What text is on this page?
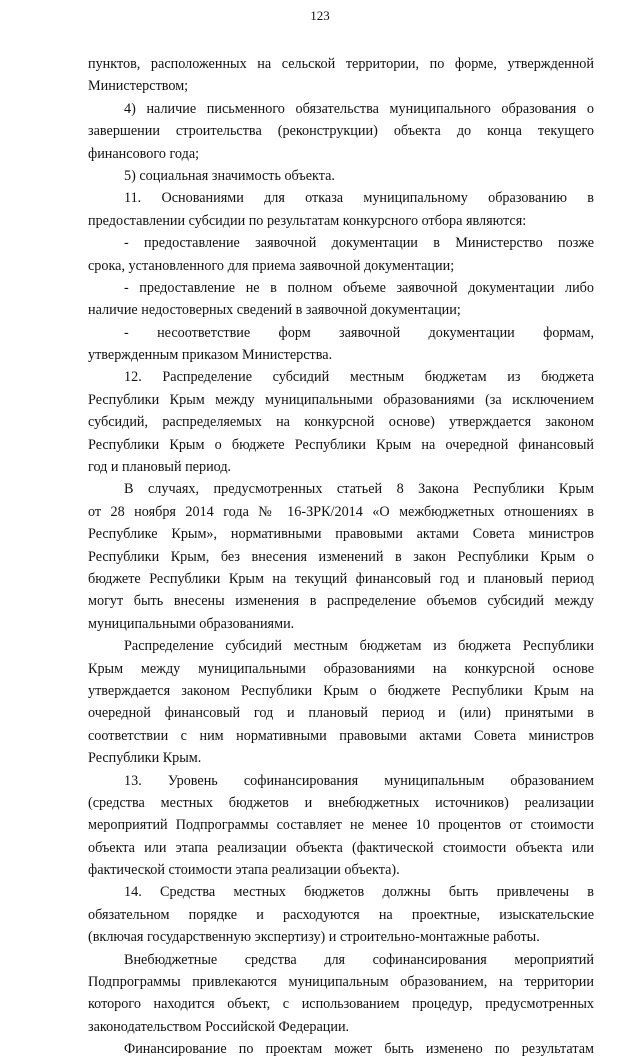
123
пунктов, расположенных на сельской территории, по форме, утвержденной
Министерством;
4) наличие письменного обязательства муниципального образования о
завершении строительства (реконструкции) объекта до конца текущего
финансового года;
5) социальная значимость объекта.
11. Основаниями для отказа муниципальному образованию в
предоставлении субсидии по результатам конкурсного отбора являются:
- предоставление заявочной документации в Министерство позже
срока, установленного для приема заявочной документации;
- предоставление не в полном объеме заявочной документации либо
наличие недостоверных сведений в заявочной документации;
- несоответствие форм заявочной документации формам,
утвержденным приказом Министерства.
12. Распределение субсидий местным бюджетам из бюджета
Республики Крым между муниципальными образованиями (за исключением
субсидий, распределяемых на конкурсной основе) утверждается законом
Республики Крым о бюджете Республики Крым на очередной финансовый
год и плановый период.
В случаях, предусмотренных статьей 8 Закона Республики Крым
от 28 ноября 2014 года № 16-ЗРК/2014 «О межбюджетных отношениях в
Республике Крым», нормативными правовыми актами Совета министров
Республики Крым, без внесения изменений в закон Республики Крым о
бюджете Республики Крым на текущий финансовый год и плановый период
могут быть внесены изменения в распределение объемов субсидий между
муниципальными образованиями.
Распределение субсидий местным бюджетам из бюджета Республики
Крым между муниципальными образованиями на конкурсной основе
утверждается законом Республики Крым о бюджете Республики Крым на
очередной финансовый год и плановый период и (или) принятыми в
соответствии с ним нормативными правовыми актами Совета министров
Республики Крым.
13. Уровень софинансирования муниципальным образованием
(средства местных бюджетов и внебюджетных источников) реализации
мероприятий Подпрограммы составляет не менее 10 процентов от стоимости
объекта или этапа реализации объекта (фактической стоимости объекта или
фактической стоимости этапа реализации объекта).
14. Средства местных бюджетов должны быть привлечены в
обязательном порядке и расходуются на проектные, изыскательские
(включая государственную экспертизу) и строительно-монтажные работы.
Внебюджетные средства для софинансирования мероприятий
Подпрограммы привлекаются муниципальным образованием, на территории
которого находится объект, с использованием процедур, предусмотренных
законодательством Российской Федерации.
Финансирование по проектам может быть изменено по результатам
